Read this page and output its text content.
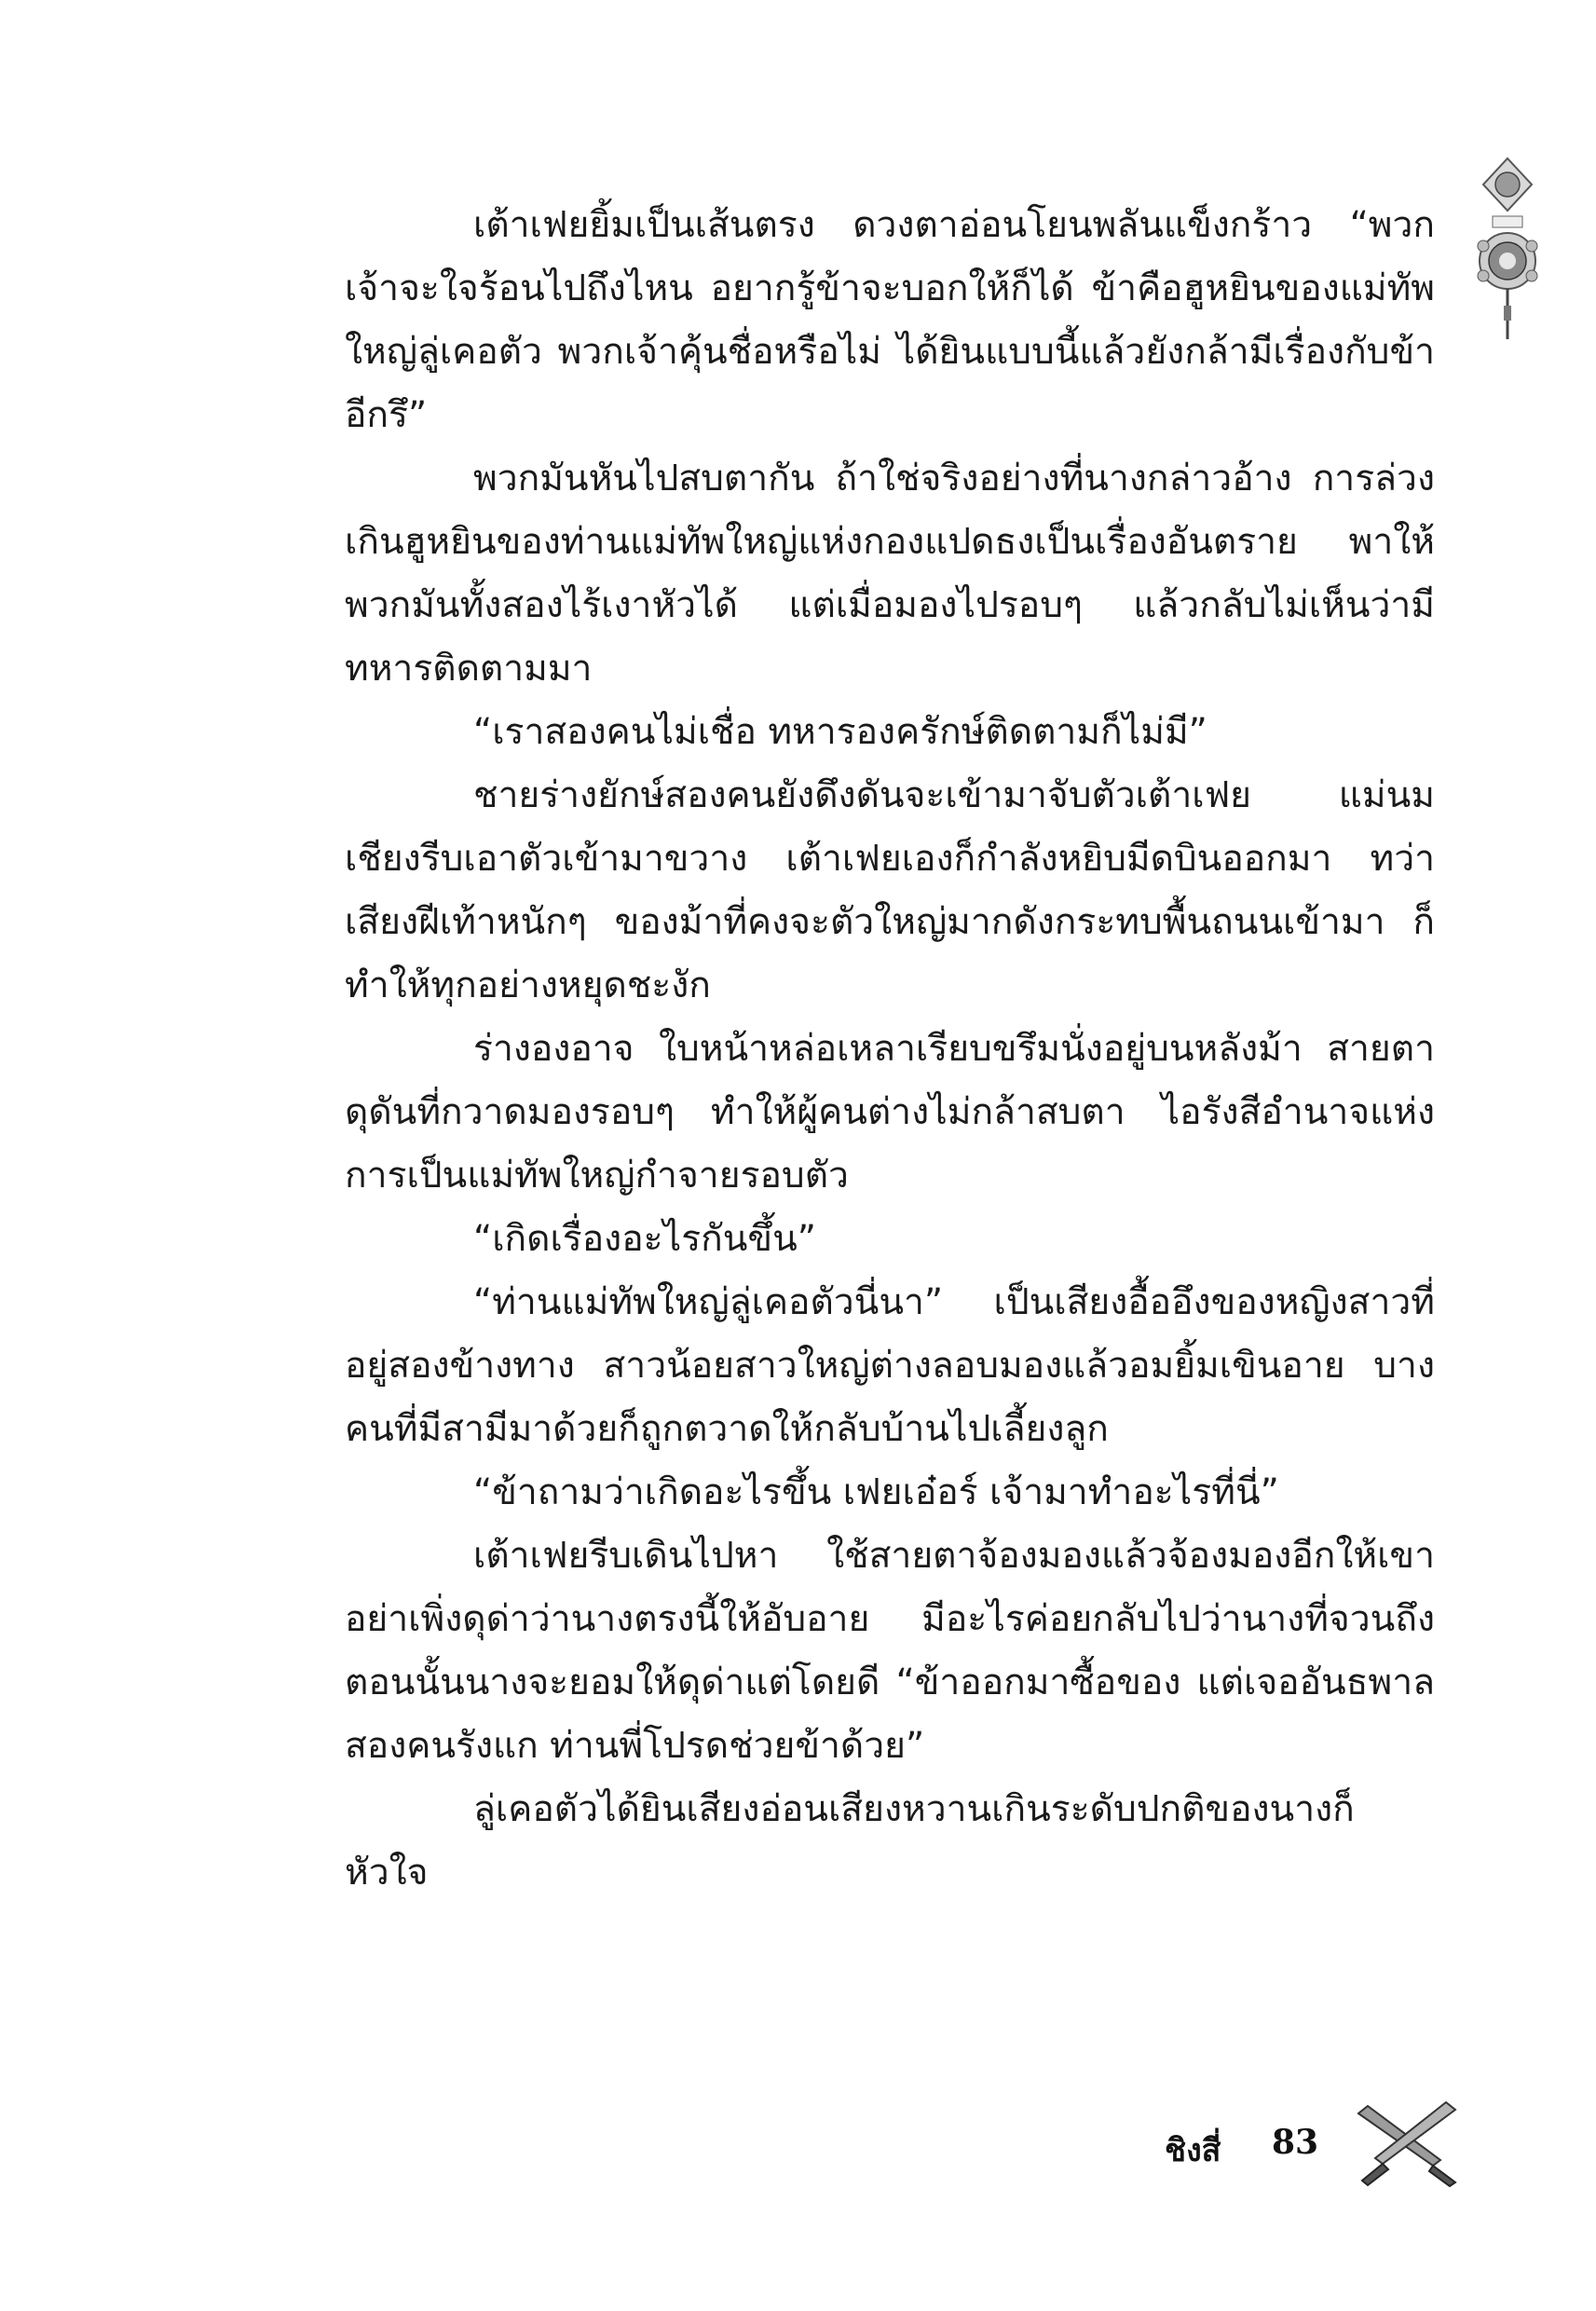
เต้าเฟยยิ้มเป็นเส้นตรง ดวงตาอ่อนโยนพลันแข็งกร้าว “พวกเจ้าจะใจร้อนไปถึงไหน อยากรู้ข้าจะบอกให้ก็ได้ ข้าคือฮูหยินของแม่ทัพใหญ่ลู่เคอตัว พวกเจ้าคุ้นชื่อหรือไม่ ได้ยินแบบนี้แล้วยังกล้ามีเรื่องกับข้าอีกรึ”

พวกมันหันไปสบตากัน ถ้าใช่จริงอย่างที่นางกล่าวอ้าง การล่วงเกินฮูหยินของท่านแม่ทัพใหญ่แห่งกองแปดธงเป็นเรื่องอันตราย พาให้พวกมันทั้งสองไร้เงาหัวได้ แต่เมื่อมองไปรอบๆ แล้วกลับไม่เห็นว่ามีทหารติดตามมา

“เราสองคนไม่เชื่อ ทหารองครักษ์ติดตามก็ไม่มี”

ชายร่างยักษ์สองคนยังดึงดันจะเข้ามาจับตัวเต้าเฟย แม่นมเชียงรีบเอาตัวเข้ามาขวาง เต้าเฟยเองก็กำลังหยิบมีดบินออกมา ทว่าเสียงฝีเท้าหนักๆ ของม้าที่คงจะตัวใหญ่มากดังกระทบพื้นถนนเข้ามา ก็ทำให้ทุกอย่างหยุดชะงัก

ร่างองอาจ ใบหน้าหล่อเหลาเรียบขรึมนั่งอยู่บนหลังม้า สายตาดุดันที่กวาดมองรอบๆ ทำให้ผู้คนต่างไม่กล้าสบตา ไอรังสีอำนาจแห่งการเป็นแม่ทัพใหญ่กำจายรอบตัว

“เกิดเรื่องอะไรกันขึ้น”

“ท่านแม่ทัพใหญ่ลู่เคอตัวนี่นา” เป็นเสียงอื้ออึงของหญิงสาวที่อยู่สองข้างทาง สาวน้อยสาวใหญ่ต่างลอบมองแล้วอมยิ้มเขินอาย บางคนที่มีสามีมาด้วยก็ถูกตวาดให้กลับบ้านไปเลี้ยงลูก

“ข้าถามว่าเกิดอะไรขึ้น เฟยเอ๋อร์ เจ้ามาทำอะไรที่นี่”

เต้าเฟยรีบเดินไปหา ใช้สายตาจ้องมองแล้วจ้องมองอีกให้เขาอย่าเพิ่งดุด่าว่านางตรงนี้ให้อับอาย มีอะไรค่อยกลับไปว่านางที่จวนถึงตอนนั้นนางจะยอมให้ดุด่าแต่โดยดี “ข้าออกมาซื้อของ แต่เจออันธพาลสองคนรังแก ท่านพี่โปรดช่วยข้าด้วย”

ลู่เคอตัวได้ยินเสียงอ่อนเสียงหวานเกินระดับปกติของนางก็หัวใจ

ชิงสี่ 83
